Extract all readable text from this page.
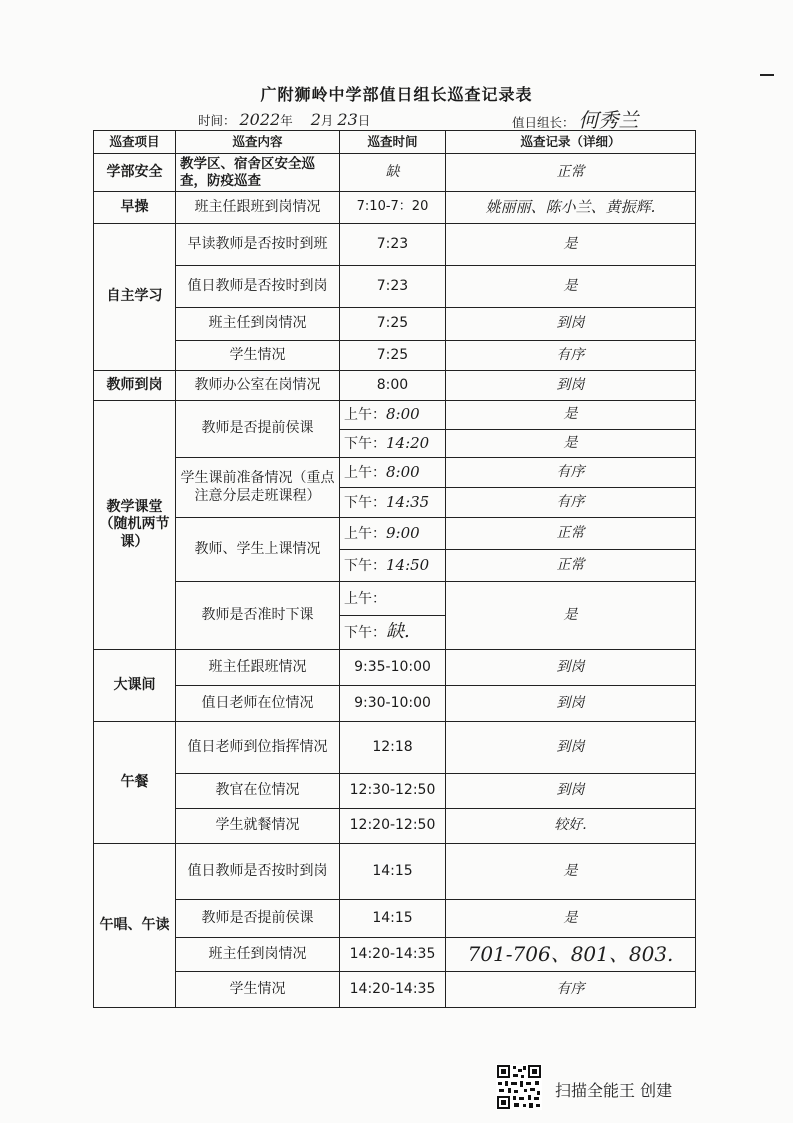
广附狮岭中学部值日组长巡查记录表
时间： 2022年 2月 23日	值日组长： 何秀兰
巡查项目	巡查内容	巡查时间	巡查记录（详细）
学部安全	教学区、宿舍区安全巡查，防疫巡查	缺	正常
早操	班主任跟班到岗情况	7:10-7：20	姚丽丽、陈小兰、黄振辉.
自主学习	早读教师是否按时到班	7:23	是
	值日教师是否按时到岗	7:23	是
	班主任到岗情况	7:25	到岗
	学生情况	7:25	有序
教师到岗	教师办公室在岗情况	8:00	到岗
教学课堂（随机两节课）	教师是否提前侯课	上午：8:00	是
		下午：14:20	是
	学生课前准备情况（重点注意分层走班课程）	上午：8:00	有序
		下午：14:35	有序
	教师、学生上课情况	上午：9:00	正常
		下午：14:50	正常
	教师是否准时下课	上午：	是
		下午：缺.	
大课间	班主任跟班情况	9:35-10:00	到岗
	值日老师在位情况	9:30-10:00	到岗
午餐	值日老师到位指挥情况	12:18	到岗
	教官在位情况	12:30-12:50	到岗
	学生就餐情况	12:20-12:50	较好.
午唱、午读	值日教师是否按时到岗	14:15	是
	教师是否提前侯课	14:15	是
	班主任到岗情况	14:20-14:35	701-706、801、803.
	学生情况	14:20-14:35	有序
扫描全能王 创建
